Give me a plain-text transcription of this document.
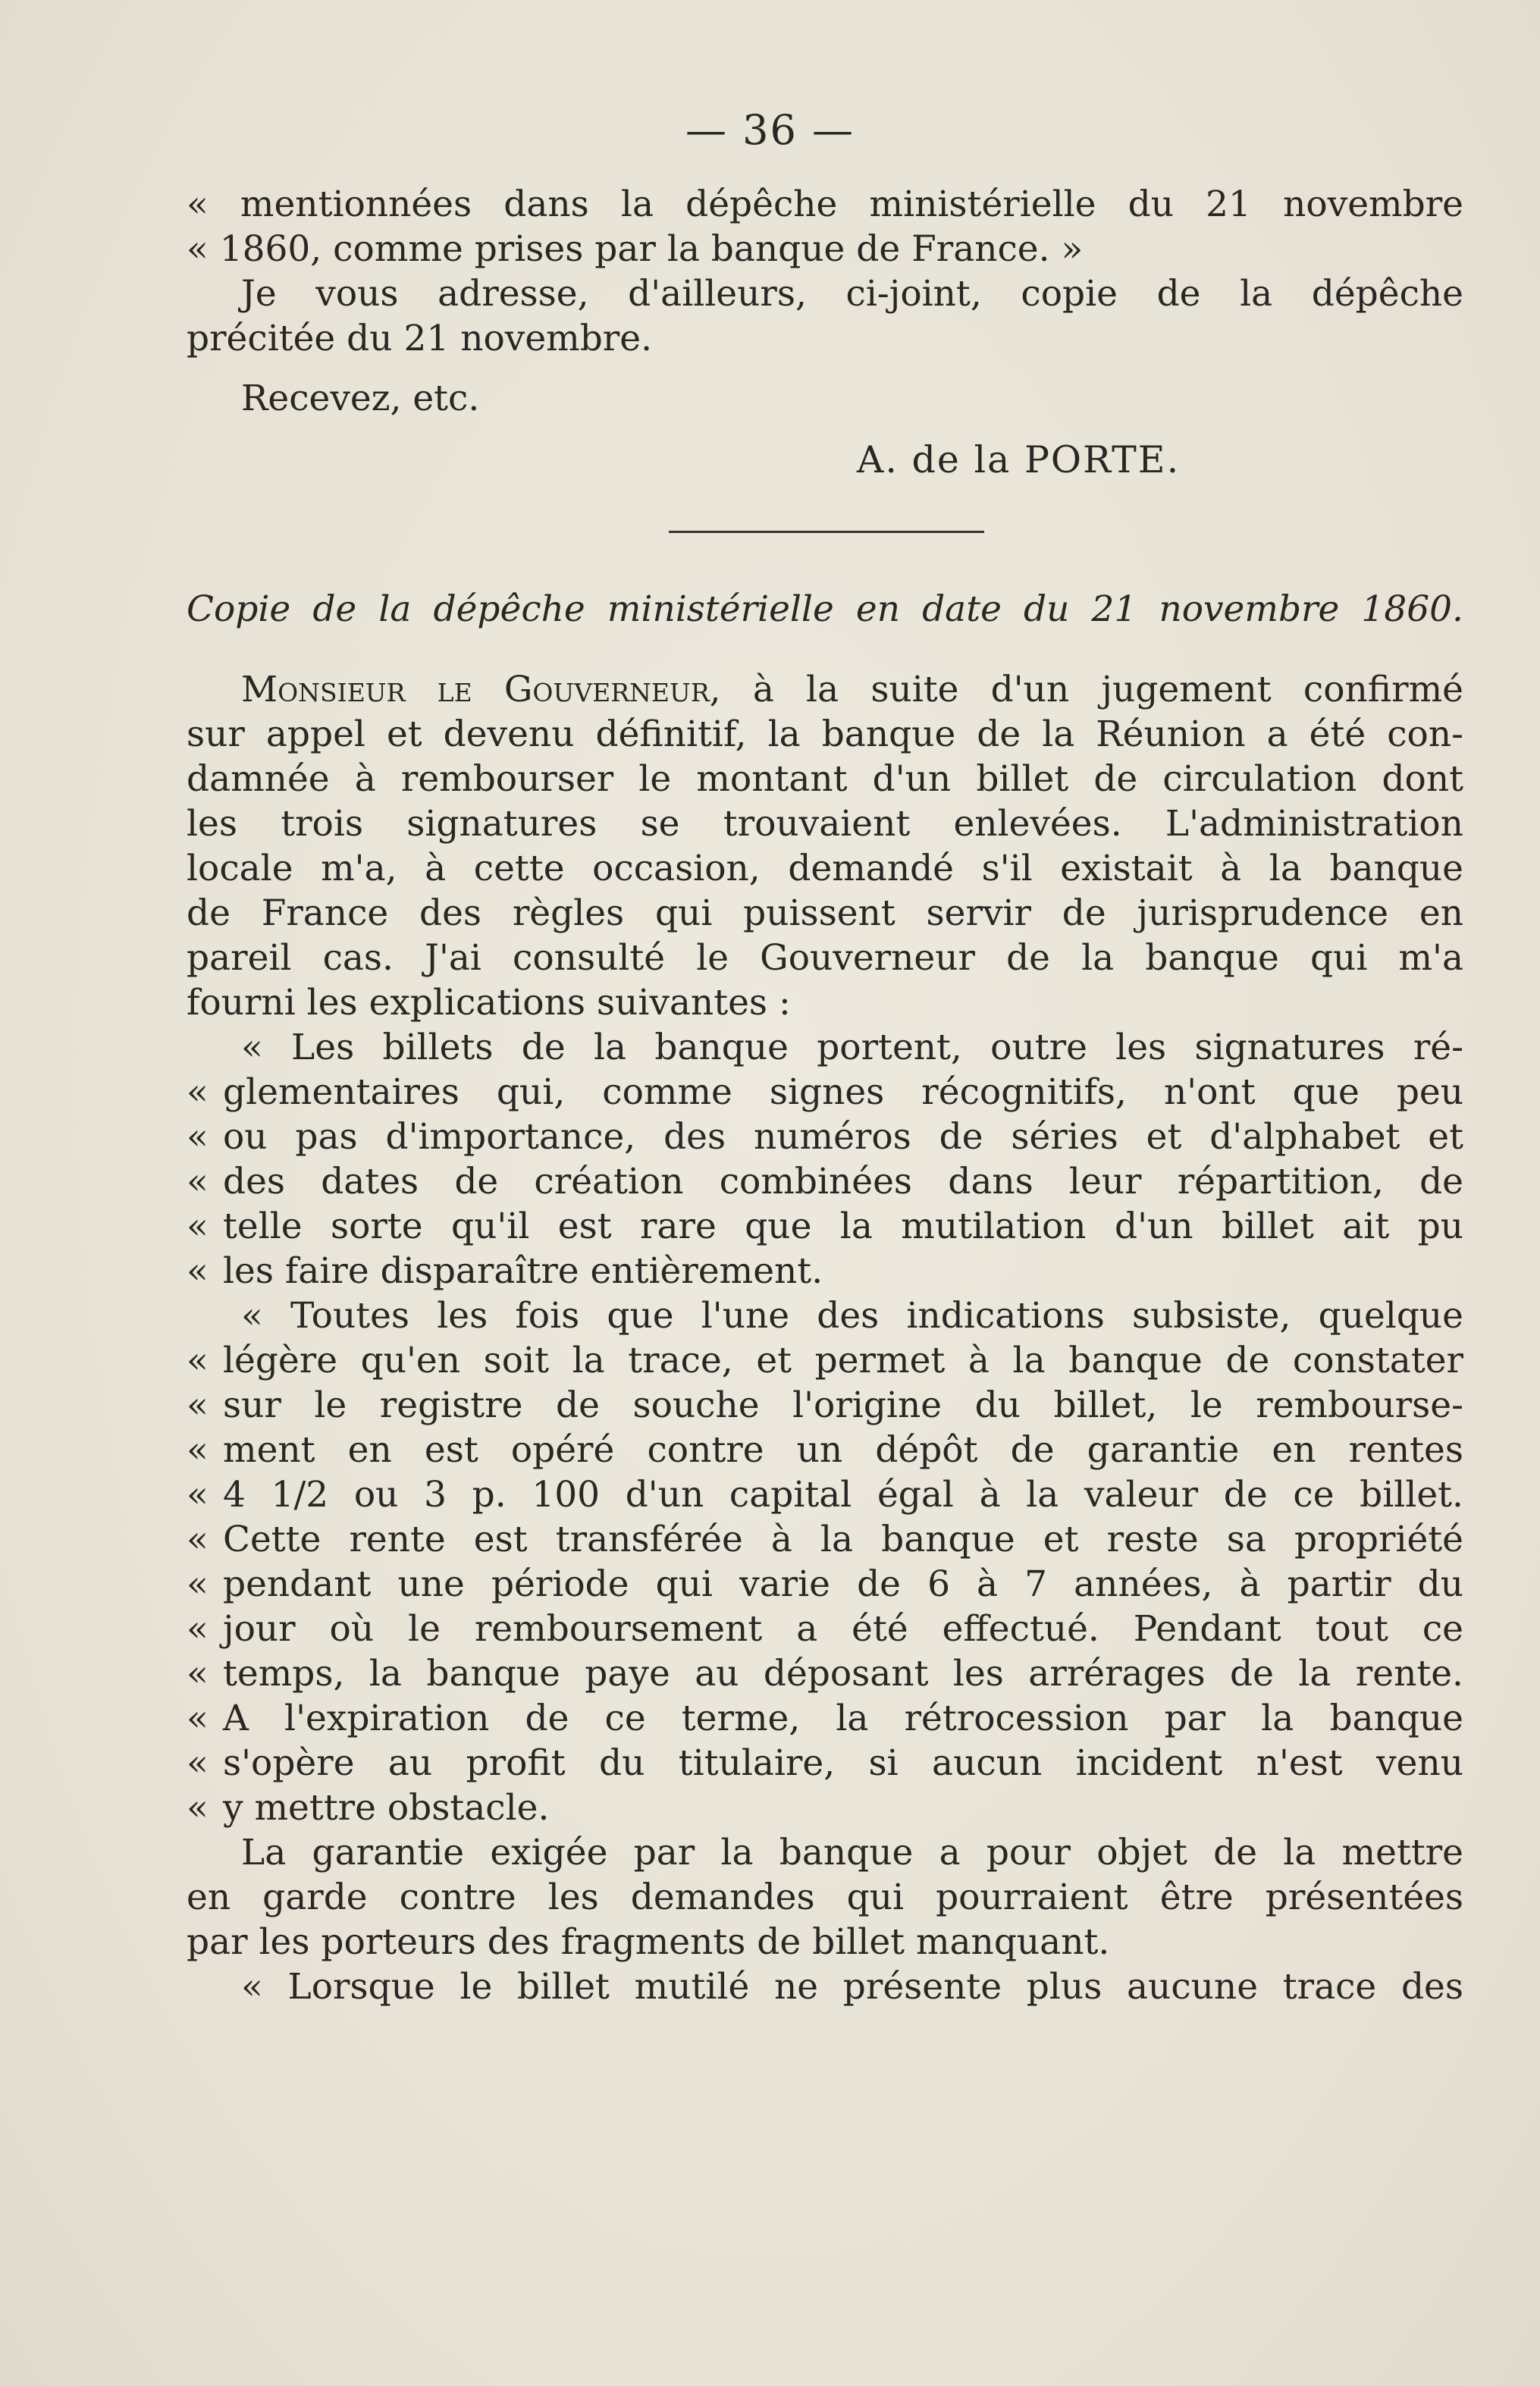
— 36 —
« mentionnées dans la dépêche ministérielle du 21 novembre
« 1860, comme prises par la banque de France. »
Je vous adresse, d'ailleurs, ci-joint, copie de la dépêche
précitée du 21 novembre.
Recevez, etc.
A. de la PORTE.
Copie de la dépêche ministérielle en date du 21 novembre 1860.
Monsieur le Gouverneur, à la suite d'un jugement confirmé
sur appel et devenu définitif, la banque de la Réunion a été con-
damnée à rembourser le montant d'un billet de circulation dont
les trois signatures se trouvaient enlevées. L'administration
locale m'a, à cette occasion, demandé s'il existait à la banque
de France des règles qui puissent servir de jurisprudence en
pareil cas. J'ai consulté le Gouverneur de la banque qui m'a
fourni les explications suivantes :
« Les billets de la banque portent, outre les signatures ré-
« glementaires qui, comme signes récognitifs, n'ont que peu
« ou pas d'importance, des numéros de séries et d'alphabet et
« des dates de création combinées dans leur répartition, de
« telle sorte qu'il est rare que la mutilation d'un billet ait pu
« les faire disparaître entièrement.
« Toutes les fois que l'une des indications subsiste, quelque
« légère qu'en soit la trace, et permet à la banque de constater
« sur le registre de souche l'origine du billet, le rembourse-
« ment en est opéré contre un dépôt de garantie en rentes
« 4 1/2 ou 3 p. 100 d'un capital égal à la valeur de ce billet.
« Cette rente est transférée à la banque et reste sa propriété
« pendant une période qui varie de 6 à 7 années, à partir du
« jour où le remboursement a été effectué. Pendant tout ce
« temps, la banque paye au déposant les arrérages de la rente.
« A l'expiration de ce terme, la rétrocession par la banque
« s'opère au profit du titulaire, si aucun incident n'est venu
« y mettre obstacle.
La garantie exigée par la banque a pour objet de la mettre
en garde contre les demandes qui pourraient être présentées
par les porteurs des fragments de billet manquant.
« Lorsque le billet mutilé ne présente plus aucune trace des
